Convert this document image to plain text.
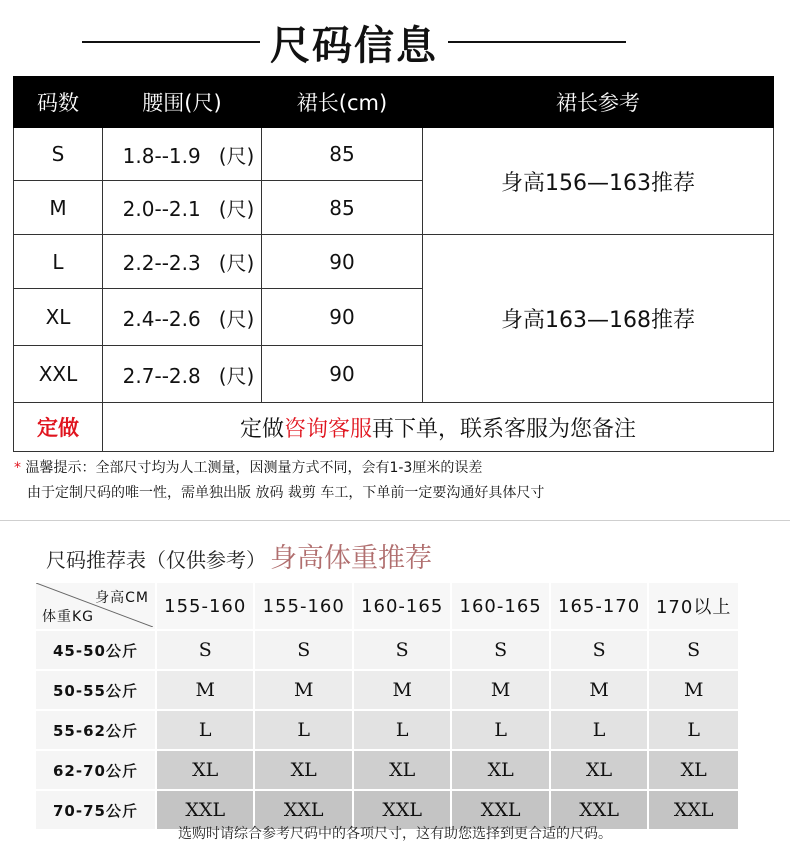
尺码信息
码数	腰围(尺)	裙长(cm)	裙长参考
S	1.8--1.9 (尺)	85	身高156—163推荐
M	2.0--2.1 (尺)	85	
L	2.2--2.3 (尺)	90	身高163—168推荐
XL	2.4--2.6 (尺)	90	
XXL	2.7--2.8 (尺)	90	
定做	定做咨询客服再下单，联系客服为您备注		
* 温馨提示：全部尺寸均为人工测量，因测量方式不同，会有1-3厘米的误差
由于定制尺码的唯一性，需单独出版 放码 裁剪 车工，下单前一定要沟通好具体尺寸
尺码推荐表（仅供参考） 身高体重推荐
身高CM
体重KG	155-160	155-160	160-165	160-165	165-170	170以上
45-50公斤	S	S	S	S	S	S
50-55公斤	M	M	M	M	M	M
55-62公斤	L	L	L	L	L	L
62-70公斤	XL	XL	XL	XL	XL	XL
70-75公斤	XXL	XXL	XXL	XXL	XXL	XXL
选购时请综合参考尺码中的各项尺寸，这有助您选择到更合适的尺码。
